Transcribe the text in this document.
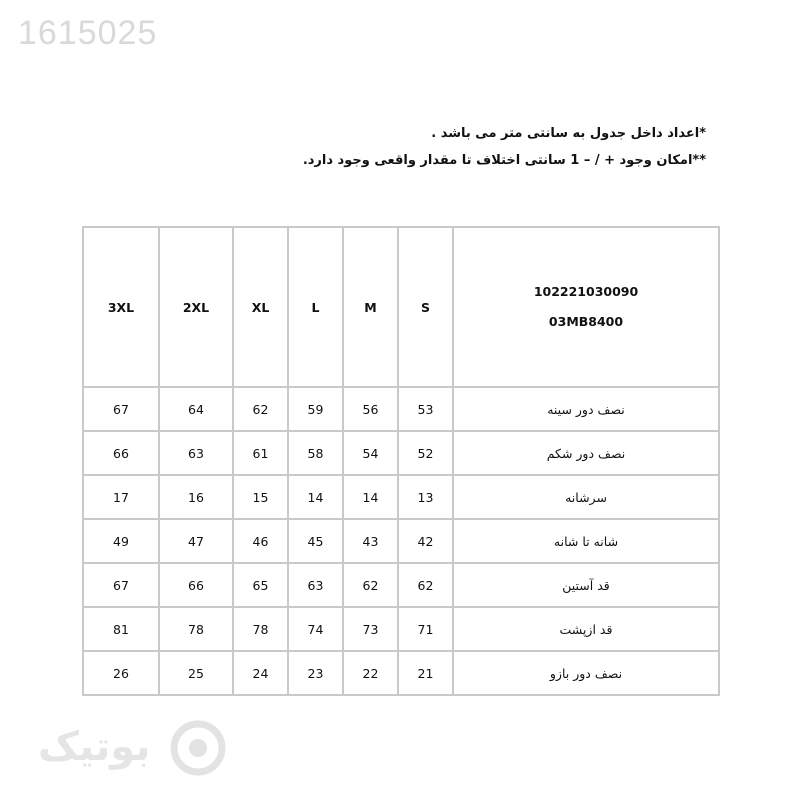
1615025
*اعداد داخل جدول به سانتی متر می باشد .
**امکان وجود + / – 1 سانتی اختلاف تا مقدار واقعی وجود دارد.
3XL	2XL	XL	L	M	S	102221030090
03MB8400

67	64	62	59	56	53	نصف دور سینه
66	63	61	58	54	52	نصف دور شکم
17	16	15	14	14	13	سرشانه
49	47	46	45	43	42	شانه تا شانه
67	66	65	63	62	62	قد آستین
81	78	78	74	73	71	قد ازپشت
26	25	24	23	22	21	نصف دور بازو
بوتیک
